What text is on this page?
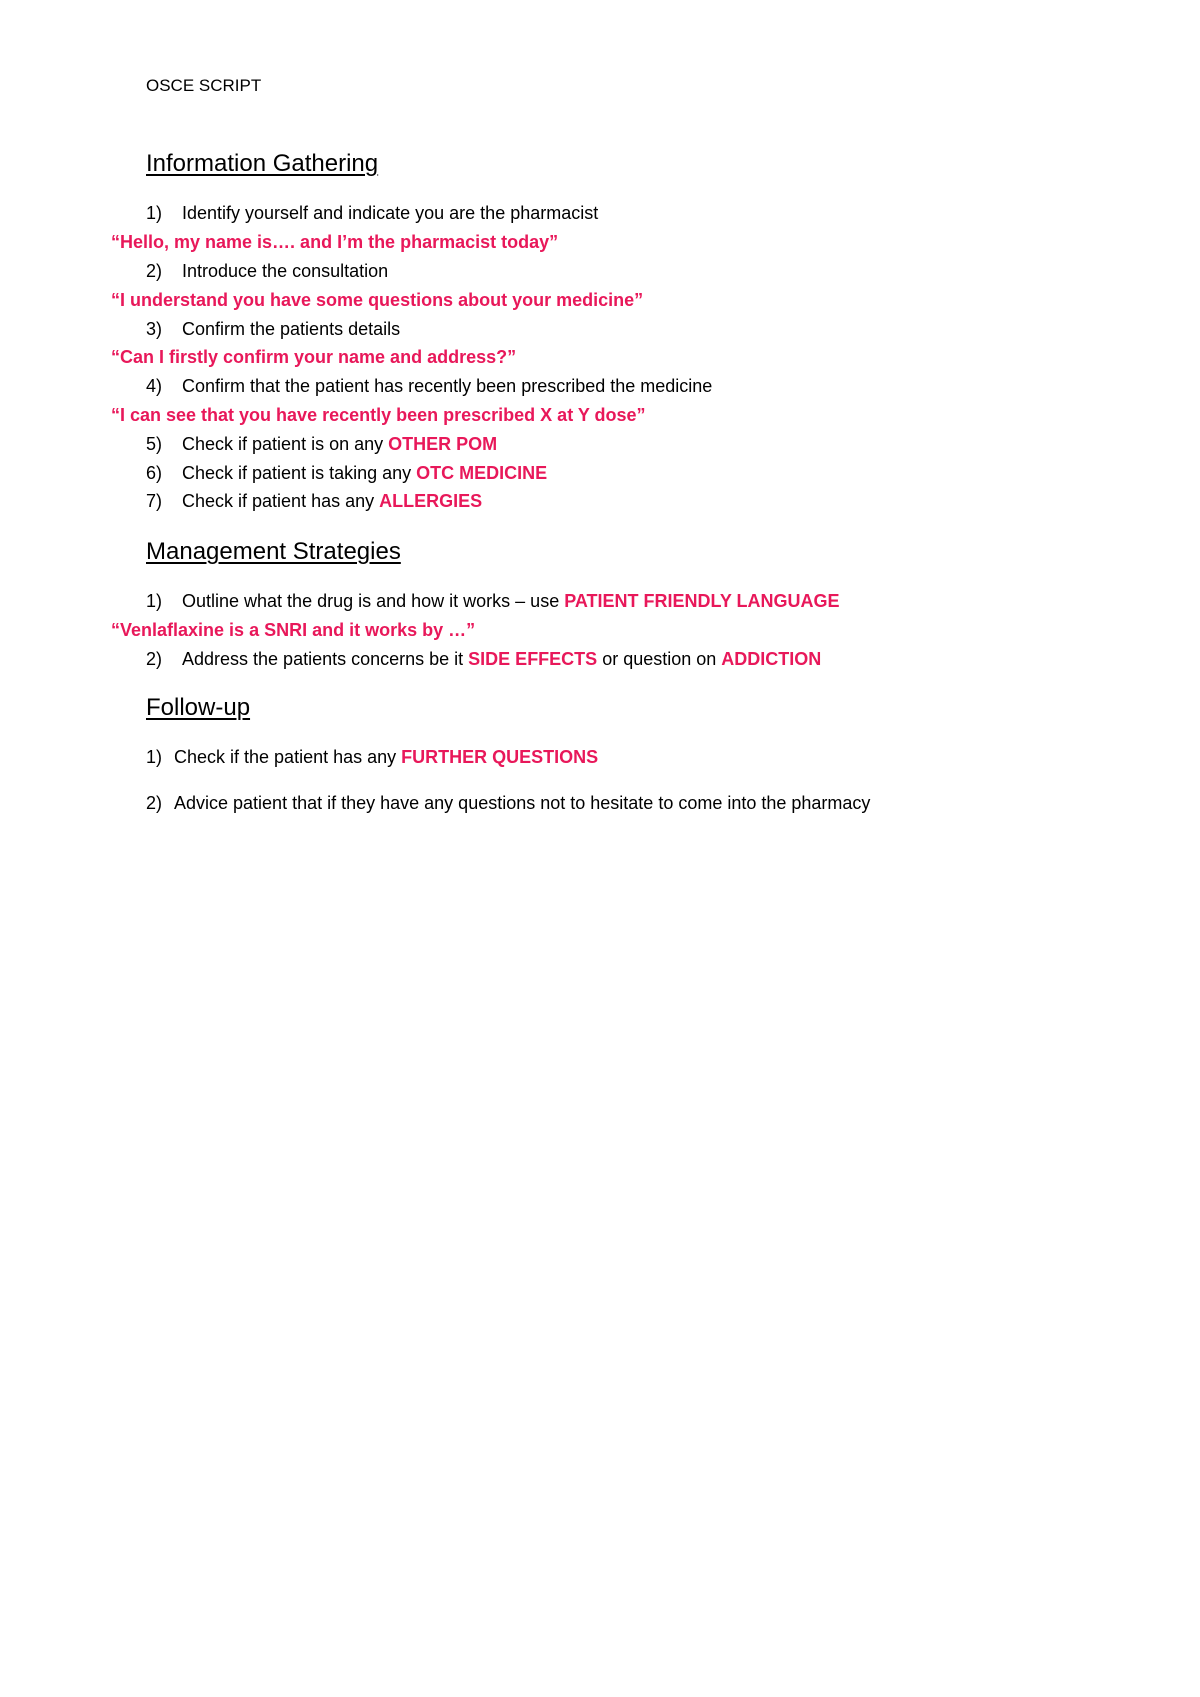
OSCE SCRIPT
Information Gathering
1) Identify yourself and indicate you are the pharmacist
“Hello, my name is…. and I’m the pharmacist today”
2) Introduce the consultation
“I understand you have some questions about your medicine”
3) Confirm the patients details
“Can I firstly confirm your name and address?”
4) Confirm that the patient has recently been prescribed the medicine
“I can see that you have recently been prescribed X at Y dose”
5) Check if patient is on any OTHER POM
6) Check if patient is taking any OTC MEDICINE
7) Check if patient has any ALLERGIES
Management Strategies
1) Outline what the drug is and how it works – use PATIENT FRIENDLY LANGUAGE
“Venlaflaxine is a SNRI and it works by …”
2) Address the patients concerns be it SIDE EFFECTS or question on ADDICTION
Follow-up
1) Check if the patient has any FURTHER QUESTIONS
2) Advice patient that if they have any questions not to hesitate to come into the pharmacy
